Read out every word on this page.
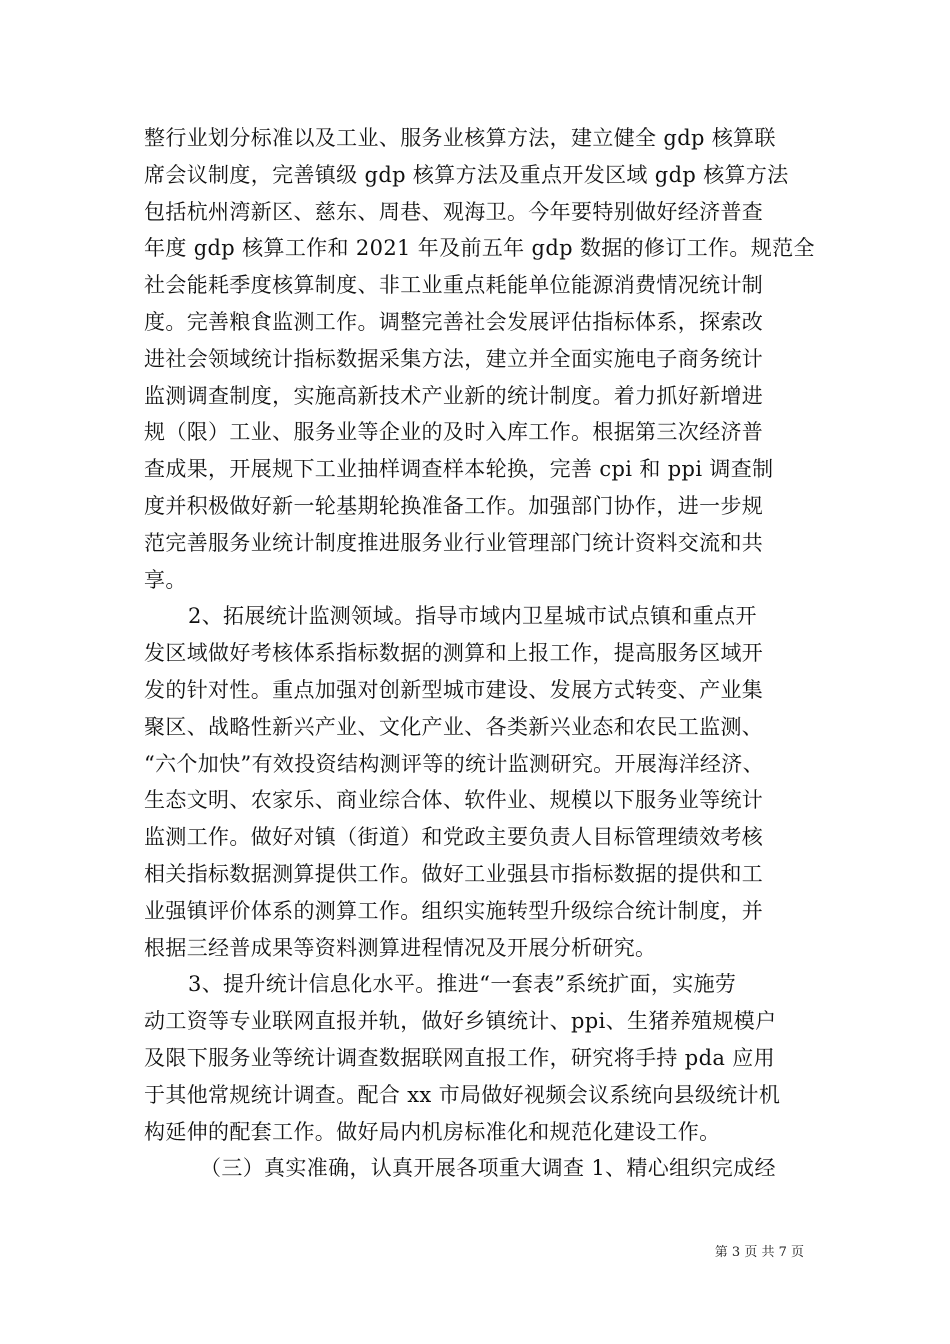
整行业划分标准以及工业、服务业核算方法，建立健全 gdp 核算联
席会议制度，完善镇级 gdp 核算方法及重点开发区域 gdp 核算方法
包括杭州湾新区、慈东、周巷、观海卫。今年要特别做好经济普查
年度 gdp 核算工作和 2021 年及前五年 gdp 数据的修订工作。规范全
社会能耗季度核算制度、非工业重点耗能单位能源消费情况统计制
度。完善粮食监测工作。调整完善社会发展评估指标体系，探索改
进社会领域统计指标数据采集方法，建立并全面实施电子商务统计
监测调查制度，实施高新技术产业新的统计制度。着力抓好新增进
规（限）工业、服务业等企业的及时入库工作。根据第三次经济普
查成果，开展规下工业抽样调查样本轮换，完善 cpi 和 ppi 调查制
度并积极做好新一轮基期轮换准备工作。加强部门协作，进一步规
范完善服务业统计制度推进服务业行业管理部门统计资料交流和共
享。
2、拓展统计监测领域。指导市域内卫星城市试点镇和重点开
发区域做好考核体系指标数据的测算和上报工作，提高服务区域开
发的针对性。重点加强对创新型城市建设、发展方式转变、产业集
聚区、战略性新兴产业、文化产业、各类新兴业态和农民工监测、
“六个加快”有效投资结构测评等的统计监测研究。开展海洋经济、
生态文明、农家乐、商业综合体、软件业、规模以下服务业等统计
监测工作。做好对镇（街道）和党政主要负责人目标管理绩效考核
相关指标数据测算提供工作。做好工业强县市指标数据的提供和工
业强镇评价体系的测算工作。组织实施转型升级综合统计制度，并
根据三经普成果等资料测算进程情况及开展分析研究。
3、提升统计信息化水平。推进“一套表”系统扩面，实施劳
动工资等专业联网直报并轨，做好乡镇统计、ppi、生猪养殖规模户
及限下服务业等统计调查数据联网直报工作，研究将手持 pda 应用
于其他常规统计调查。配合 xx 市局做好视频会议系统向县级统计机
构延伸的配套工作。做好局内机房标准化和规范化建设工作。
（三）真实准确，认真开展各项重大调查 1、精心组织完成经
第 3 页 共 7 页
